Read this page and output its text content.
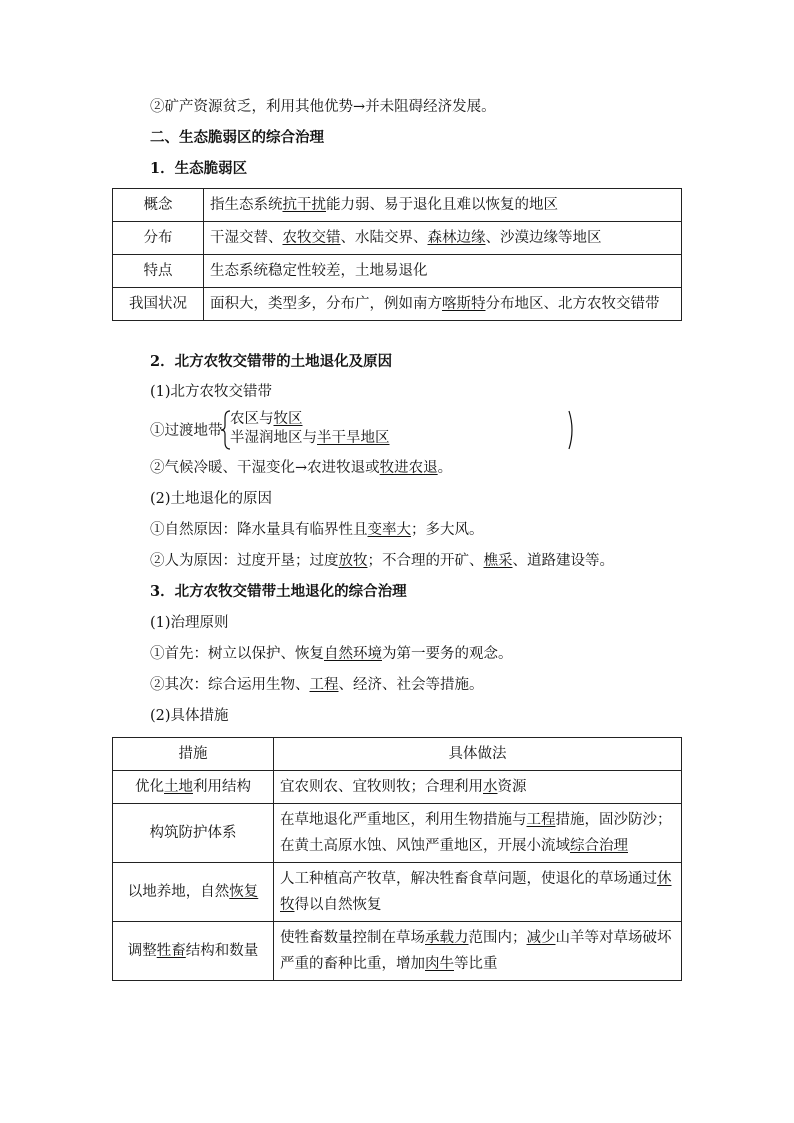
②矿产资源贫乏，利用其他优势→并未阻碍经济发展。
二、生态脆弱区的综合治理
1．生态脆弱区
概念	指生态系统抗干扰能力弱、易于退化且难以恢复的地区
分布	干湿交替、农牧交错、水陆交界、森林边缘、沙漠边缘等地区
特点	生态系统稳定性较差，土地易退化
我国状况	面积大，类型多，分布广，例如南方喀斯特分布地区、北方农牧交错带
2．北方农牧交错带的土地退化及原因
(1)北方农牧交错带
①过渡地带
农区与牧区
半湿润地区与半干旱地区
②气候冷暖、干湿变化→农进牧退或牧进农退。
(2)土地退化的原因
①自然原因：降水量具有临界性且变率大；多大风。
②人为原因：过度开垦；过度放牧；不合理的开矿、樵采、道路建设等。
3．北方农牧交错带土地退化的综合治理
(1)治理原则
①首先：树立以保护、恢复自然环境为第一要务的观念。
②其次：综合运用生物、工程、经济、社会等措施。
(2)具体措施
措施	具体做法
优化土地利用结构	宜农则农、宜牧则牧；合理利用水资源
构筑防护体系	在草地退化严重地区，利用生物措施与工程措施，固沙防沙；在黄土高原水蚀、风蚀严重地区，开展小流域综合治理
以地养地，自然恢复	人工种植高产牧草，解决牲畜食草问题，使退化的草场通过休牧得以自然恢复
调整牲畜结构和数量	使牲畜数量控制在草场承载力范围内；减少山羊等对草场破坏严重的畜种比重，增加肉牛等比重
